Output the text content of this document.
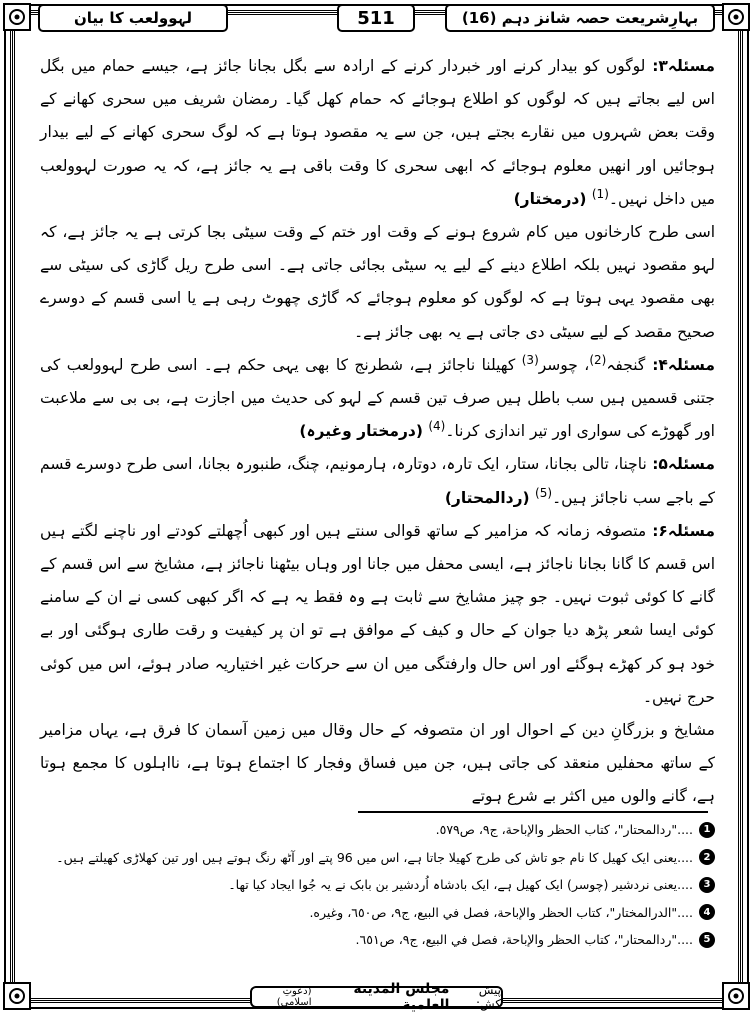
بہارِشریعت حصہ شانز دہم (16)
511
لہوولعب کا بیان

مسئلہ۳: لوگوں کو بیدار کرنے اور خبردار کرنے کے ارادہ سے بگل بجانا جائز ہے، جیسے حمام میں بگل اس لیے بجاتے ہیں کہ لوگوں کو اطلاع ہوجائے کہ حمام کھل گیا۔ رمضان شریف میں سحری کھانے کے وقت بعض شہروں میں نقارے بجتے ہیں، جن سے یہ مقصود ہوتا ہے کہ لوگ سحری کھانے کے لیے بیدار ہوجائیں اور انھیں معلوم ہوجائے کہ ابھی سحری کا وقت باقی ہے یہ جائز ہے، کہ یہ صورت لہوولعب میں داخل نہیں۔$^{(1)}$ (درمختار)

اسی طرح کارخانوں میں کام شروع ہونے کے وقت اور ختم کے وقت سیٹی بجا کرتی ہے یہ جائز ہے، کہ لہو مقصود نہیں بلکہ اطلاع دینے کے لیے یہ سیٹی بجائی جاتی ہے۔ اسی طرح ریل گاڑی کی سیٹی سے بھی مقصود یہی ہوتا ہے کہ لوگوں کو معلوم ہوجائے کہ گاڑی چھوٹ رہی ہے یا اسی قسم کے دوسرے صحیح مقصد کے لیے سیٹی دی جاتی ہے یہ بھی جائز ہے۔

مسئلہ۴: گنجفہ$^{(2)}$، چوسر$^{(3)}$ کھیلنا ناجائز ہے، شطرنج کا بھی یہی حکم ہے۔ اسی طرح لہوولعب کی جتنی قسمیں ہیں سب باطل ہیں صرف تین قسم کے لہو کی حدیث میں اجازت ہے، بی بی سے ملاعبت اور گھوڑے کی سواری اور تیر اندازی کرنا۔$^{(4)}$ (درمختار وغیرہ)

مسئلہ۵: ناچنا، تالی بجانا، ستار، ایک تارہ، دوتارہ، ہارمونیم، چنگ، طنبورہ بجانا، اسی طرح دوسرے قسم کے باجے سب ناجائز ہیں۔$^{(5)}$ (ردالمحتار)

مسئلہ۶: متصوفہ زمانہ کہ مزامیر کے ساتھ قوالی سنتے ہیں اور کبھی اُچھلتے کودتے اور ناچنے لگتے ہیں اس قسم کا گانا بجانا ناجائز ہے، ایسی محفل میں جانا اور وہاں بیٹھنا ناجائز ہے، مشایخ سے اس قسم کے گانے کا کوئی ثبوت نہیں۔ جو چیز مشایخ سے ثابت ہے وہ فقط یہ ہے کہ اگر کبھی کسی نے ان کے سامنے کوئی ایسا شعر پڑھ دیا جوان کے حال و کیف کے موافق ہے تو ان پر کیفیت و رقت طاری ہوگئی اور بے خود ہو کر کھڑے ہوگئے اور اس حال وارفتگی میں ان سے حرکات غیر اختیاریہ صادر ہوئے، اس میں کوئی حرج نہیں۔

مشایخ و بزرگانِ دین کے احوال اور ان متصوفہ کے حال وقال میں زمین آسمان کا فرق ہے، یہاں مزامیر کے ساتھ محفلیں منعقد کی جاتی ہیں، جن میں فساق وفجار کا اجتماع ہوتا ہے، نااہلوں کا مجمع ہوتا ہے، گانے والوں میں اکثر بے شرع ہوتے

1
...."ردالمحتار"، كتاب الحظر والإباحة، ج٩، ص٥٧٩.
2
....یعنی ایک کھیل کا نام جو تاش کی طرح کھیلا جاتا ہے، اس میں 96 پتے اور آٹھ رنگ ہوتے ہیں اور تین کھلاڑی کھیلتے ہیں۔
3
....یعنی نردشیر (چوسر) ایک کھیل ہے، ایک بادشاہ اُردشیر بن بابک نے یہ جُوا ایجاد کیا تھا۔
4
...."الدرالمختار"، كتاب الحظر والإباحة، فصل في البيع، ج٩، ص٦٥٠، وغيره.
5
...."ردالمحتار"، كتاب الحظر والإباحة، فصل في البيع، ج٩، ص٦٥١.
پیش کش:
مجلس المدينة العلمية
(دعوتِ اسلامی)
